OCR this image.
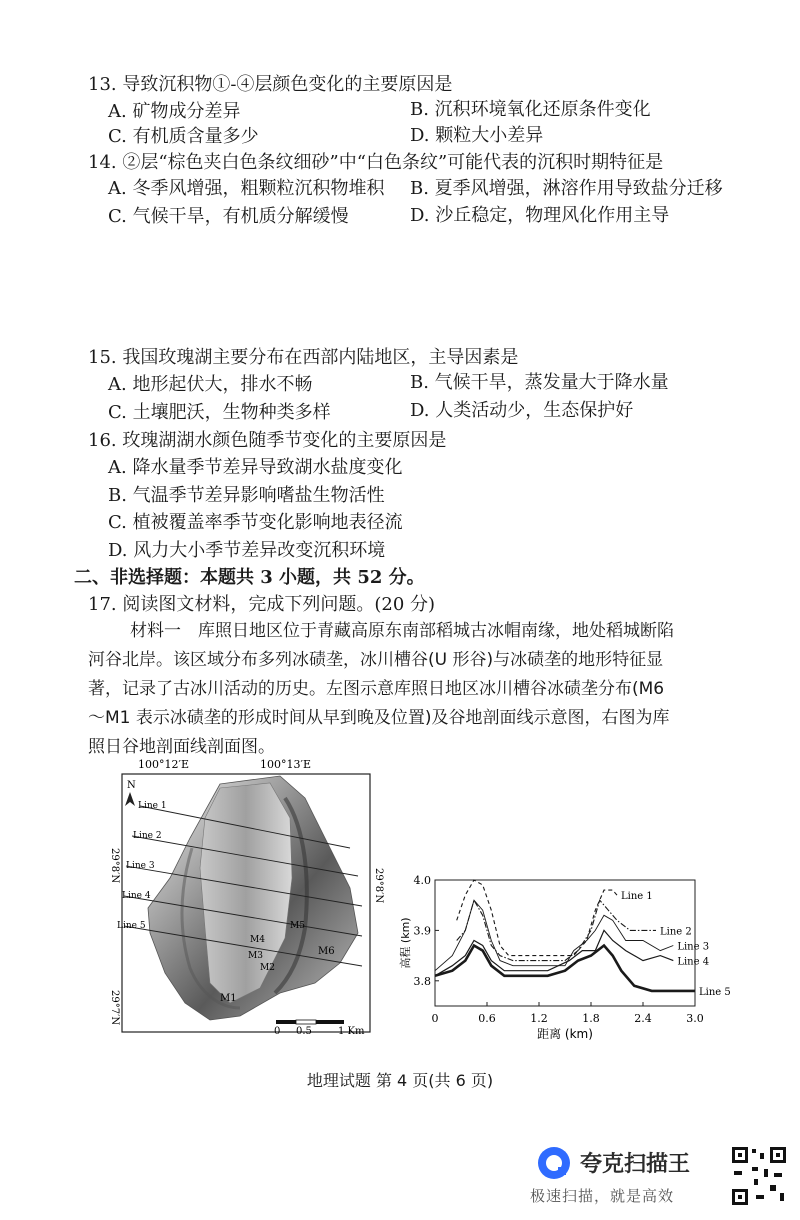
13. 导致沉积物①-④层颜色变化的主要原因是
A. 矿物成分差异	B. 沉积环境氧化还原条件变化
C. 有机质含量多少	D. 颗粒大小差异
14. ②层“棕色夹白色条纹细砂”中“白色条纹”可能代表的沉积时期特征是
A. 冬季风增强，粗颗粒沉积物堆积 B. 夏季风增强，淋溶作用导致盐分迁移
C. 气候干旱，有机质分解缓慢	D. 沙丘稳定，物理风化作用主导
15. 我国玫瑰湖主要分布在西部内陆地区，主导因素是
A. 地形起伏大，排水不畅	B. 气候干旱，蒸发量大于降水量
C. 土壤肥沃，生物种类多样	D. 人类活动少，生态保护好
16. 玫瑰湖湖水颜色随季节变化的主要原因是
A. 降水量季节差异导致湖水盐度变化
B. 气温季节差异影响嗜盐生物活性
C. 植被覆盖率季节变化影响地表径流
D. 风力大小季节差异改变沉积环境
二、非选择题：本题共 3 小题，共 52 分。
17. 阅读图文材料，完成下列问题。(20 分)
材料一　库照日地区位于青藏高原东南部稻城古冰帽南缘，地处稻城断陷
河谷北岸。该区域分布多列冰碛垄，冰川槽谷(U 形谷)与冰碛垄的地形特征显
著，记录了古冰川活动的历史。左图示意库照日地区冰川槽谷冰碛垄分布(M6
～M1 表示冰碛垄的形成时间从早到晚及位置)及谷地剖面线示意图，右图为库
照日谷地剖面线剖面图。
Line 1
Line 2
Line 3
Line 4
Line 5
M1
M2
M3
M4
M5
M6
N
100°12′E	100°13′E
29°8′N
29°7′N
29°8′N
0 0.5	1 Km
0	0.6	1.2	1.8	2.4	3.0
3.8
3.9
4.0
距离 (km)
高程 (km)
Line 1
Line 2
Line 3
Line 4
Line 5
地理试题 第 4 页(共 6 页)
夸克扫描王
极速扫描，就是高效
